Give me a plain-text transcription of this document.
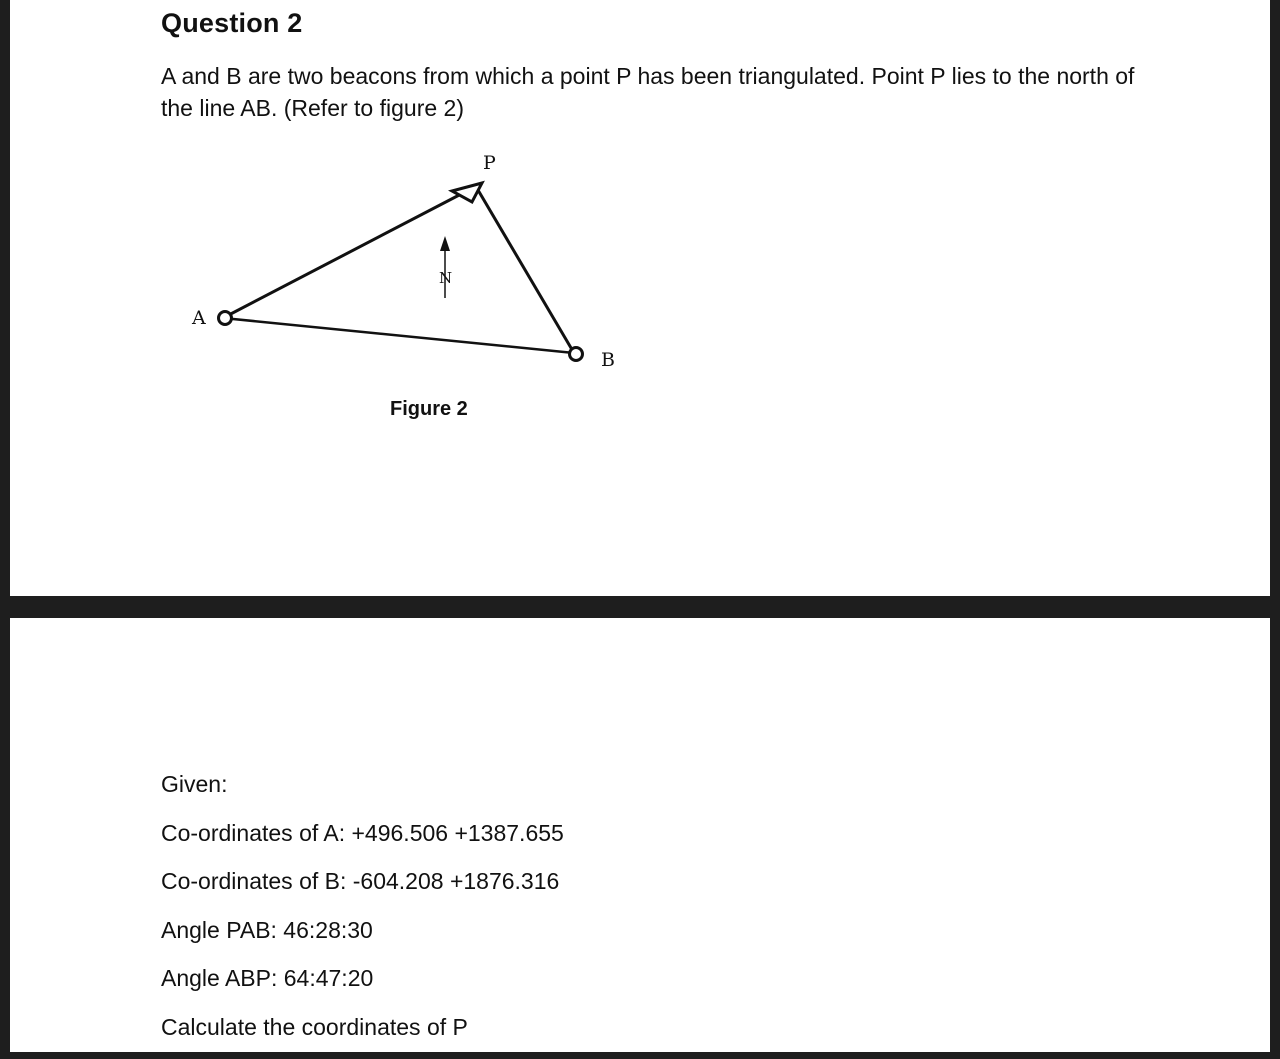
Question 2
A and B are two beacons from which a point P has been triangulated. Point P lies to the north of the line AB. (Refer to figure 2)
N
P
A
B
Figure 2
Given:
Co-ordinates of A: +496.506 +1387.655
Co-ordinates of B: -604.208 +1876.316
Angle PAB: 46:28:30
Angle ABP: 64:47:20
Calculate the coordinates of P
